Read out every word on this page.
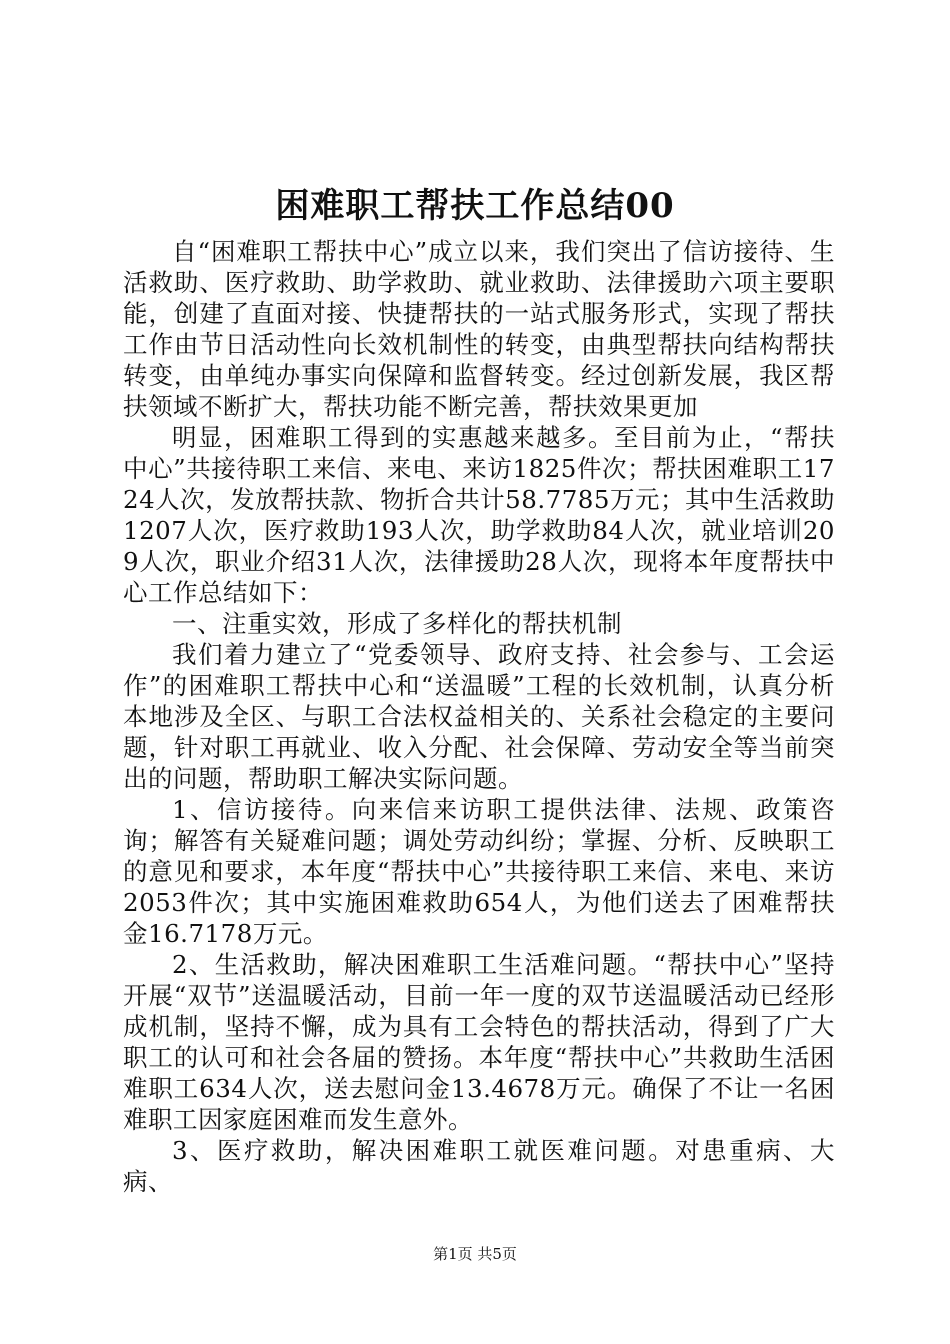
困难职工帮扶工作总结00

自“困难职工帮扶中心”成立以来，我们突出了信访接待、生活救助、医疗救助、助学救助、就业救助、法律援助六项主要职能，创建了直面对接、快捷帮扶的一站式服务形式，实现了帮扶工作由节日活动性向长效机制性的转变，由典型帮扶向结构帮扶转变，由单纯办事实向保障和监督转变。经过创新发展，我区帮扶领域不断扩大，帮扶功能不断完善，帮扶效果更加

明显，困难职工得到的实惠越来越多。至目前为止，“帮扶中心”共接待职工来信、来电、来访1825件次；帮扶困难职工1724人次，发放帮扶款、物折合共计58.7785万元；其中生活救助1207人次，医疗救助193人次，助学救助84人次，就业培训209人次，职业介绍31人次，法律援助28人次，现将本年度帮扶中心工作总结如下：

一、注重实效，形成了多样化的帮扶机制

我们着力建立了“党委领导、政府支持、社会参与、工会运作”的困难职工帮扶中心和“送温暖”工程的长效机制，认真分析本地涉及全区、与职工合法权益相关的、关系社会稳定的主要问题，针对职工再就业、收入分配、社会保障、劳动安全等当前突出的问题，帮助职工解决实际问题。

1、信访接待。向来信来访职工提供法律、法规、政策咨询；解答有关疑难问题；调处劳动纠纷；掌握、分析、反映职工的意见和要求，本年度“帮扶中心”共接待职工来信、来电、来访2053件次；其中实施困难救助654人，为他们送去了困难帮扶金16.7178万元。

2、生活救助，解决困难职工生活难问题。“帮扶中心”坚持开展“双节”送温暖活动，目前一年一度的双节送温暖活动已经形成机制，坚持不懈，成为具有工会特色的帮扶活动，得到了广大职工的认可和社会各届的赞扬。本年度“帮扶中心”共救助生活困难职工634人次，送去慰问金13.4678万元。确保了不让一名困难职工因家庭困难而发生意外。

3、医疗救助，解决困难职工就医难问题。对患重病、大病、

第1页 共5页
